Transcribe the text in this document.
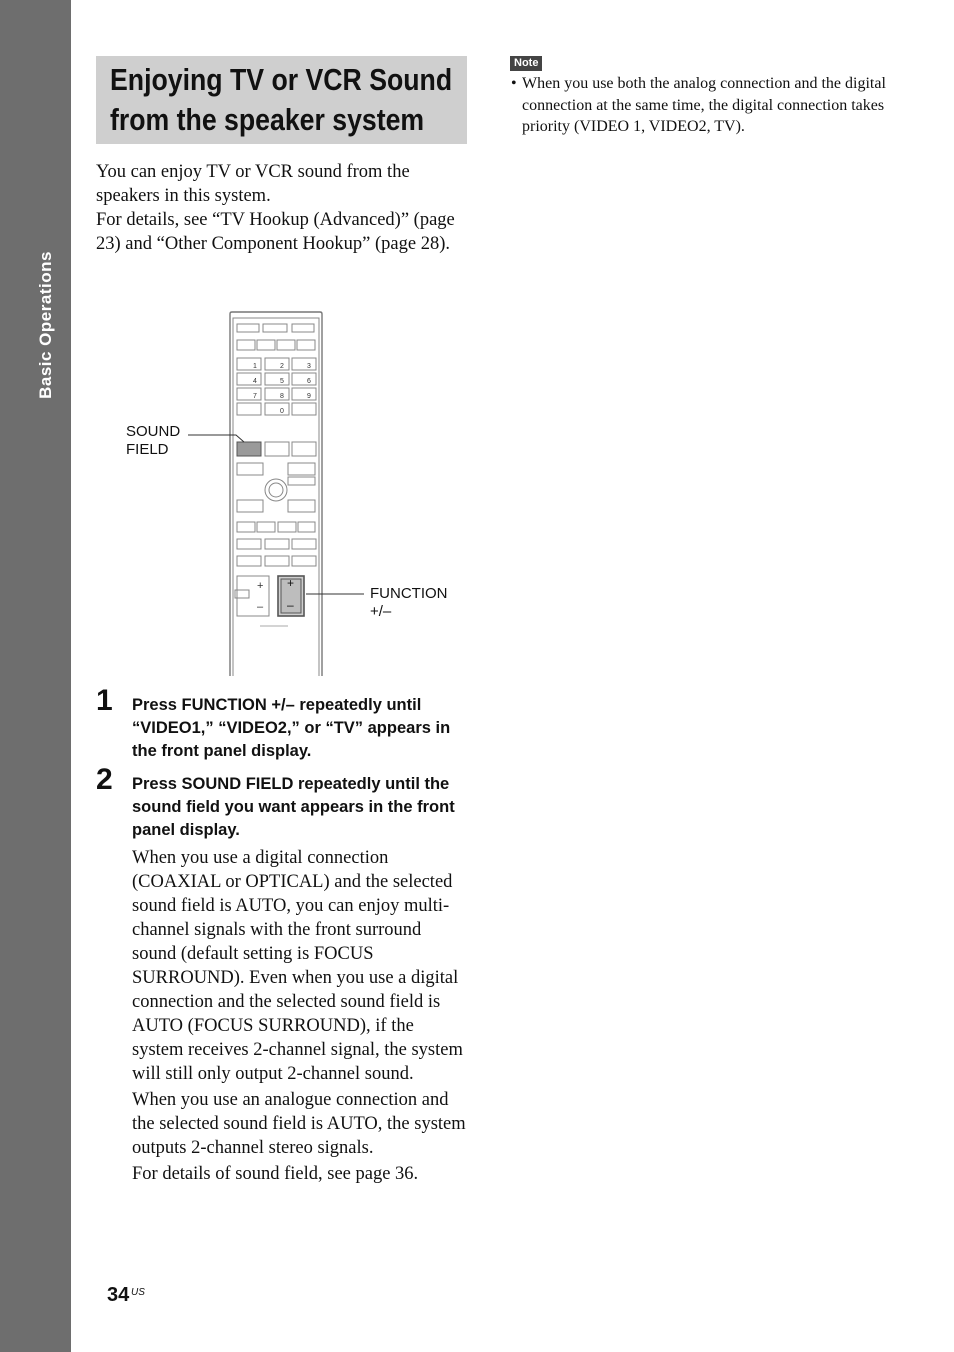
Basic Operations
Enjoying TV or VCR Sound
from the speaker system

You can enjoy TV or VCR sound from the speakers in this system.

For details, see “TV Hookup (Advanced)” (page 23) and “Other Component Hookup” (page 28).

1	2	3
4	5	6
7	8	9
0
+
–
+
–
SOUND
FIELD
FUNCTION
+/–
1 Press FUNCTION +/– repeatedly until “VIDEO1,” “VIDEO2,” or “TV” appears in the front panel display.
2 Press SOUND FIELD repeatedly until the sound field you want appears in the front panel display.

When you use a digital connection (COAXIAL or OPTICAL) and the selected sound field is AUTO, you can enjoy multi-channel signals with the front surround sound (default setting is FOCUS SURROUND). Even when you use a digital connection and the selected sound field is AUTO (FOCUS SURROUND), if the system receives 2-channel signal, the system will still only output 2-channel sound.

When you use an analogue connection and the selected sound field is AUTO, the system outputs 2-channel stereo signals.

For details of sound field, see page 36.

Note
• When you use both the analog connection and the digital connection at the same time, the digital connection takes priority (VIDEO 1, VIDEO2, TV).
34 US
